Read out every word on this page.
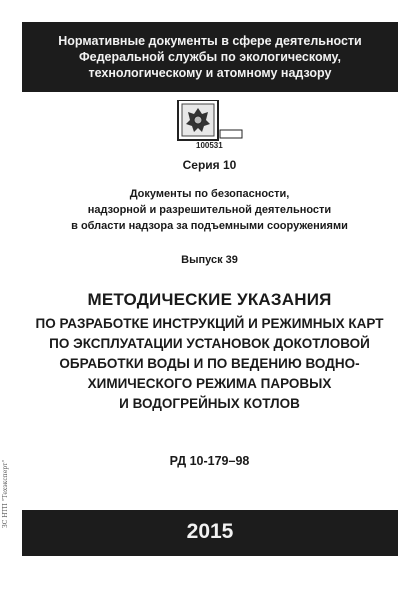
Нормативные документы в сфере деятельности
Федеральной службы по экологическому,
технологическому и атомному надзору
100531
Серия 10
Документы по безопасности,
надзорной и разрешительной деятельности
в области надзора за подъемными сооружениями
Выпуск 39
МЕТОДИЧЕСКИЕ УКАЗАНИЯ
ПО РАЗРАБОТКЕ ИНСТРУКЦИЙ И РЕЖИМНЫХ КАРТ
ПО ЭКСПЛУАТАЦИИ УСТАНОВОК ДОКОТЛОВОЙ
ОБРАБОТКИ ВОДЫ И ПО ВЕДЕНИЮ ВОДНО-
ХИМИЧЕСКОГО РЕЖИМА ПАРОВЫХ
И ВОДОГРЕЙНЫХ КОТЛОВ
РД 10-179–98
2015
ЗС НТП "Техэксперт"
